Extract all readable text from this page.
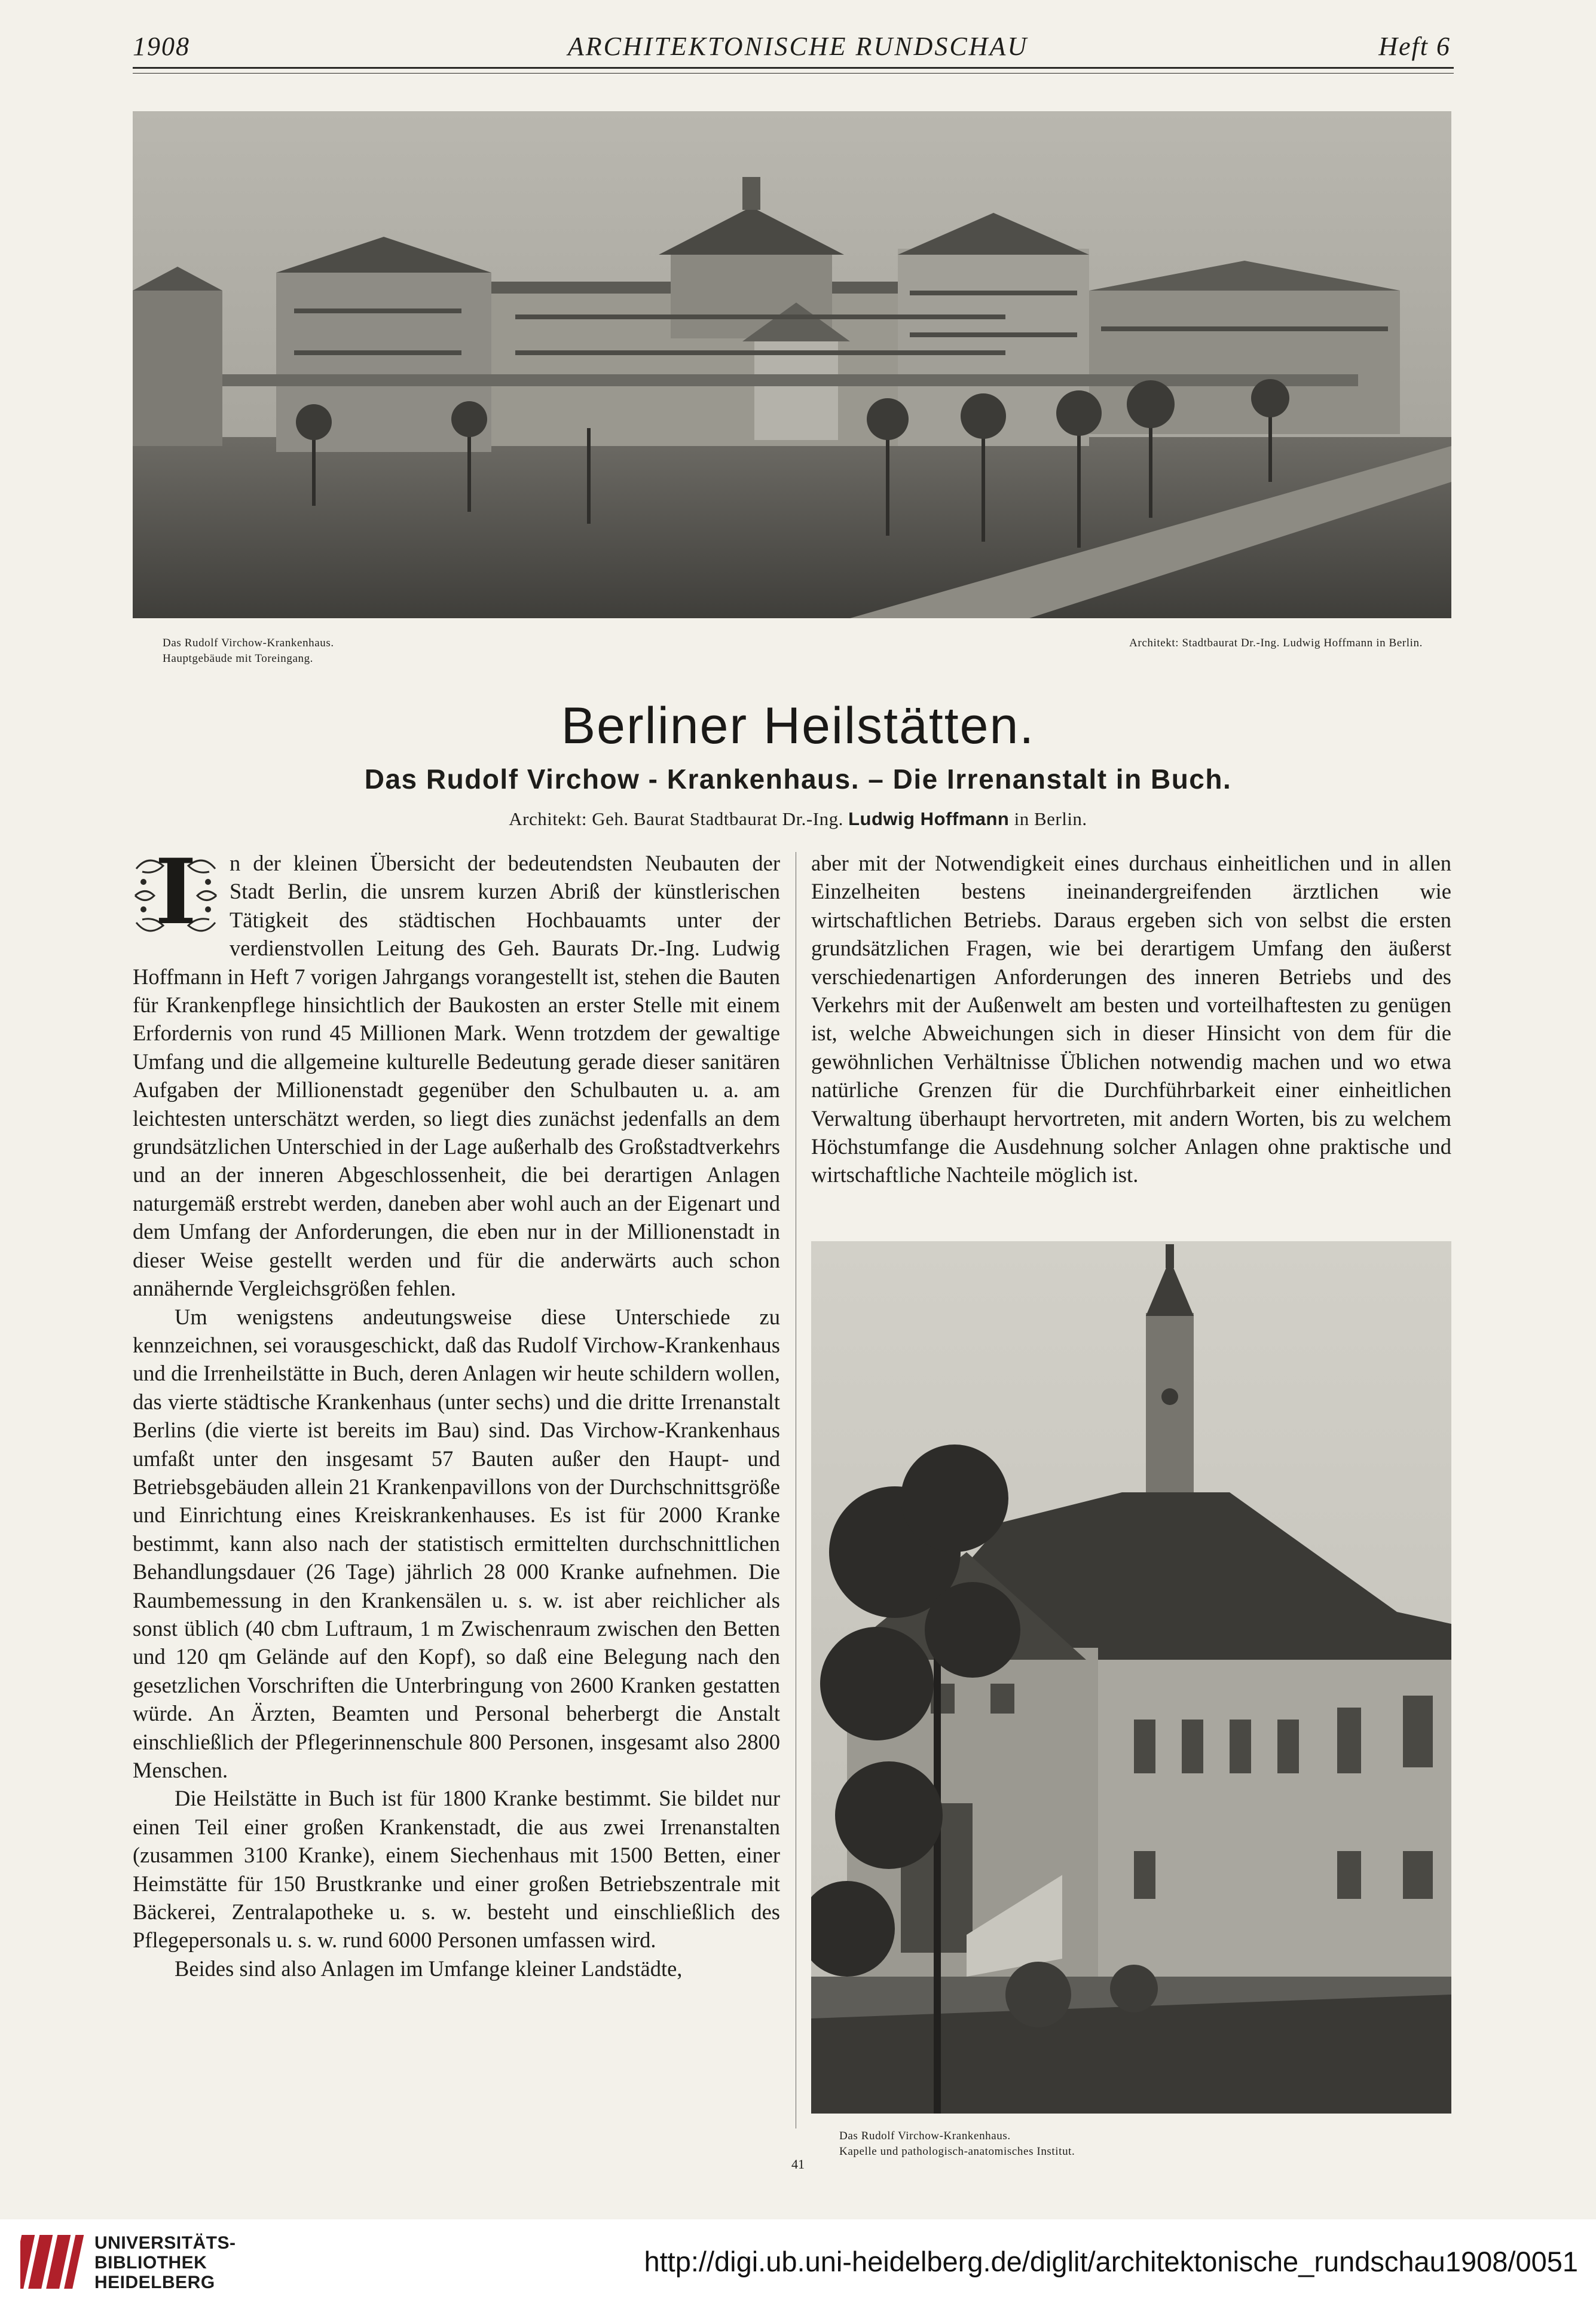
ARCHITEKTONISCHE RUNDSCHAU
1908	Heft 6
Das Rudolf Virchow-Krankenhaus.
Hauptgebäude mit Toreingang.
Architekt: Stadtbaurat Dr.-Ing. Ludwig Hoffmann in Berlin.
Berliner Heilstätten.
Das Rudolf Virchow - Krankenhaus. – Die Irrenanstalt in Buch.
Architekt: Geh. Baurat Stadtbaurat Dr.-Ing. Ludwig Hoffmann in Berlin.

I	n der kleinen Übersicht der bedeutendsten Neubauten der Stadt Berlin, die unsrem kurzen Abriß der künstlerischen Tätigkeit des städtischen Hochbauamts unter der verdienstvollen Leitung des Geh. Baurats Dr.-Ing. Ludwig Hoffmann in Heft 7 vorigen Jahrgangs vorangestellt ist, stehen die Bauten für Krankenpflege hinsichtlich der Baukosten an erster Stelle mit einem Erfordernis von rund 45 Millionen Mark. Wenn trotzdem der gewaltige Umfang und die allgemeine kulturelle Bedeutung gerade dieser sanitären Aufgaben der Millionenstadt gegenüber den Schulbauten u. a. am leichtesten unterschätzt werden, so liegt dies zunächst jedenfalls an dem grundsätzlichen Unterschied in der Lage außerhalb des Großstadtverkehrs und an der inneren Abgeschlossenheit, die bei derartigen Anlagen naturgemäß erstrebt werden, daneben aber wohl auch an der Eigenart und dem Umfang der Anforderungen, die eben nur in der Millionenstadt in dieser Weise gestellt werden und für die anderwärts auch schon annähernde Vergleichsgrößen fehlen.

Um wenigstens andeutungsweise diese Unterschiede zu kennzeichnen, sei vorausgeschickt, daß das Rudolf Virchow-Krankenhaus und die Irrenheilstätte in Buch, deren Anlagen wir heute schildern wollen, das vierte städtische Krankenhaus (unter sechs) und die dritte Irrenanstalt Berlins (die vierte ist bereits im Bau) sind. Das Virchow-Krankenhaus umfaßt unter den insgesamt 57 Bauten außer den Haupt- und Betriebsgebäuden allein 21 Krankenpavillons von der Durchschnittsgröße und Einrichtung eines Kreiskrankenhauses. Es ist für 2000 Kranke bestimmt, kann also nach der statistisch ermittelten durchschnittlichen Behandlungsdauer (26 Tage) jährlich 28 000 Kranke aufnehmen. Die Raumbemessung in den Krankensälen u. s. w. ist aber reichlicher als sonst üblich (40 cbm Luftraum, 1 m Zwischenraum zwischen den Betten und 120 qm Gelände auf den Kopf), so daß eine Belegung nach den gesetzlichen Vorschriften die Unterbringung von 2600 Kranken gestatten würde. An Ärzten, Beamten und Personal beherbergt die Anstalt einschließlich der Pflegerinnenschule 800 Personen, insgesamt also 2800 Menschen.

Die Heilstätte in Buch ist für 1800 Kranke bestimmt. Sie bildet nur einen Teil einer großen Krankenstadt, die aus zwei Irrenanstalten (zusammen 3100 Kranke), einem Siechenhaus mit 1500 Betten, einer Heimstätte für 150 Brustkranke und einer großen Betriebszentrale mit Bäckerei, Zentralapotheke u. s. w. besteht und einschließlich des Pflegepersonals u. s. w. rund 6000 Personen umfassen wird.

Beides sind also Anlagen im Umfange kleiner Landstädte,

aber mit der Notwendigkeit eines durchaus einheitlichen und in allen Einzelheiten bestens ineinandergreifenden ärztlichen wie wirtschaftlichen Betriebs. Daraus ergeben sich von selbst die ersten grundsätzlichen Fragen, wie bei derartigem Umfang den äußerst verschiedenartigen Anforderungen des inneren Betriebs und des Verkehrs mit der Außenwelt am besten und vorteilhaftesten zu genügen ist, welche Abweichungen sich in dieser Hinsicht von dem für die gewöhnlichen Verhältnisse Üblichen notwendig machen und wo etwa natürliche Grenzen für die Durchführbarkeit einer einheitlichen Verwaltung überhaupt hervortreten, mit andern Worten, bis zu welchem Höchstumfange die Ausdehnung solcher Anlagen ohne praktische und wirtschaftliche Nachteile möglich ist.

Das Rudolf Virchow-Krankenhaus.
Kapelle und pathologisch-anatomisches Institut.
41
UNIVERSITÄTS-
BIBLIOTHEK
HEIDELBERG
http://digi.ub.uni-heidelberg.de/diglit/architektonische_rundschau1908/0051
